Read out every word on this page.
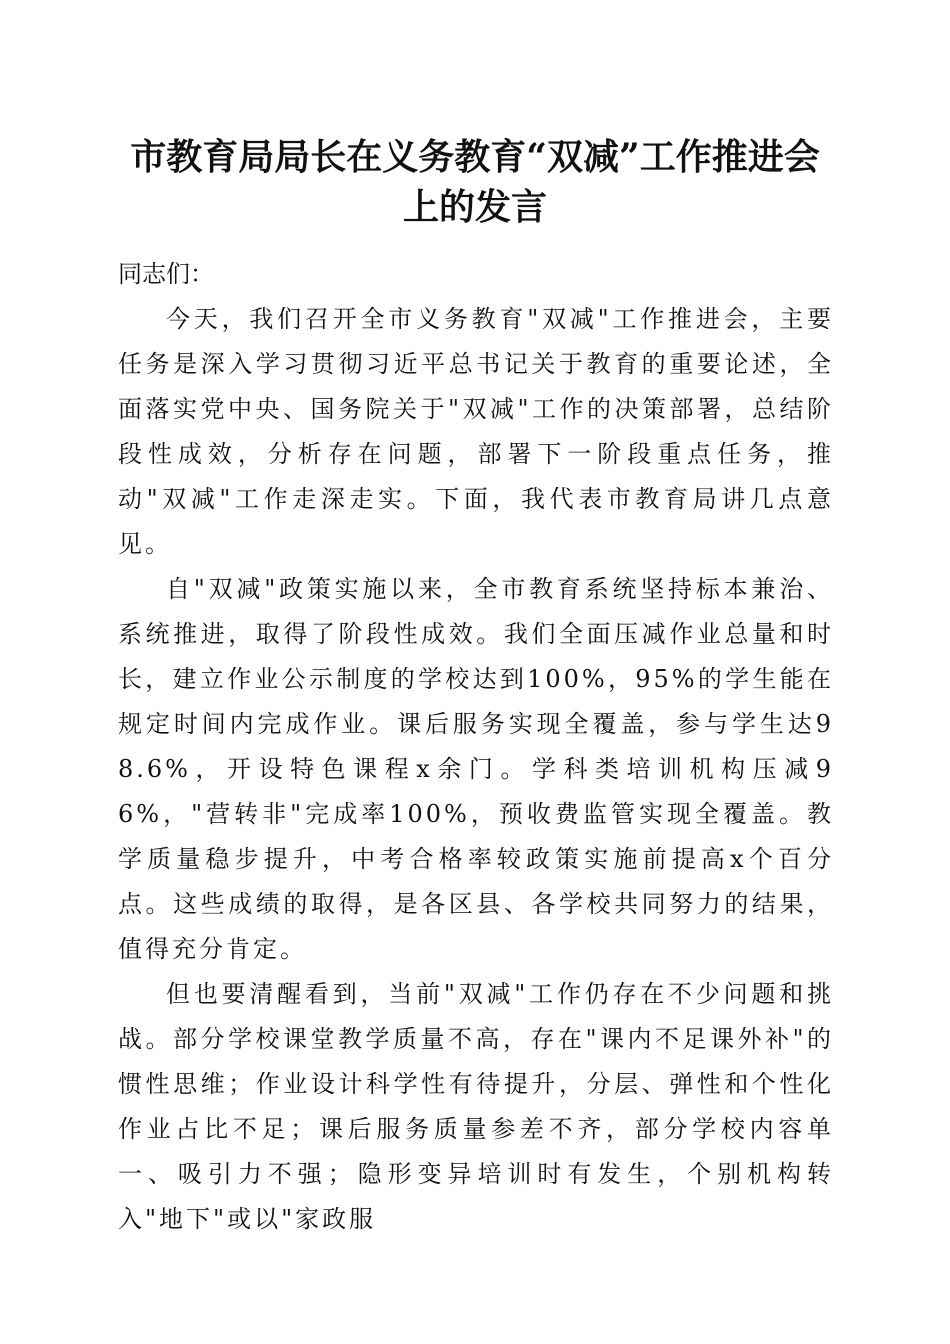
市教育局局长在义务教育“双减”工作推进会
上的发言

同志们：

今天，我们召开全市义务教育"双减"工作推进会，主要任务是深入学习贯彻习近平总书记关于教育的重要论述，全面落实党中央、国务院关于"双减"工作的决策部署，总结阶段性成效，分析存在问题，部署下一阶段重点任务，推动"双减"工作走深走实。下面，我代表市教育局讲几点意见。

自"双减"政策实施以来，全市教育系统坚持标本兼治、系统推进，取得了阶段性成效。我们全面压减作业总量和时长，建立作业公示制度的学校达到100%，95%的学生能在规定时间内完成作业。课后服务实现全覆盖，参与学生达98.6%，开设特色课程x余门。学科类培训机构压减96%，"营转非"完成率100%，预收费监管实现全覆盖。教学质量稳步提升，中考合格率较政策实施前提高x个百分点。这些成绩的取得，是各区县、各学校共同努力的结果，值得充分肯定。

但也要清醒看到，当前"双减"工作仍存在不少问题和挑战。部分学校课堂教学质量不高，存在"课内不足课外补"的惯性思维；作业设计科学性有待提升，分层、弹性和个性化作业占比不足；课后服务质量参差不齐，部分学校内容单一、吸引力不强；隐形变异培训时有发生，个别机构转入"地下"或以"家政服
